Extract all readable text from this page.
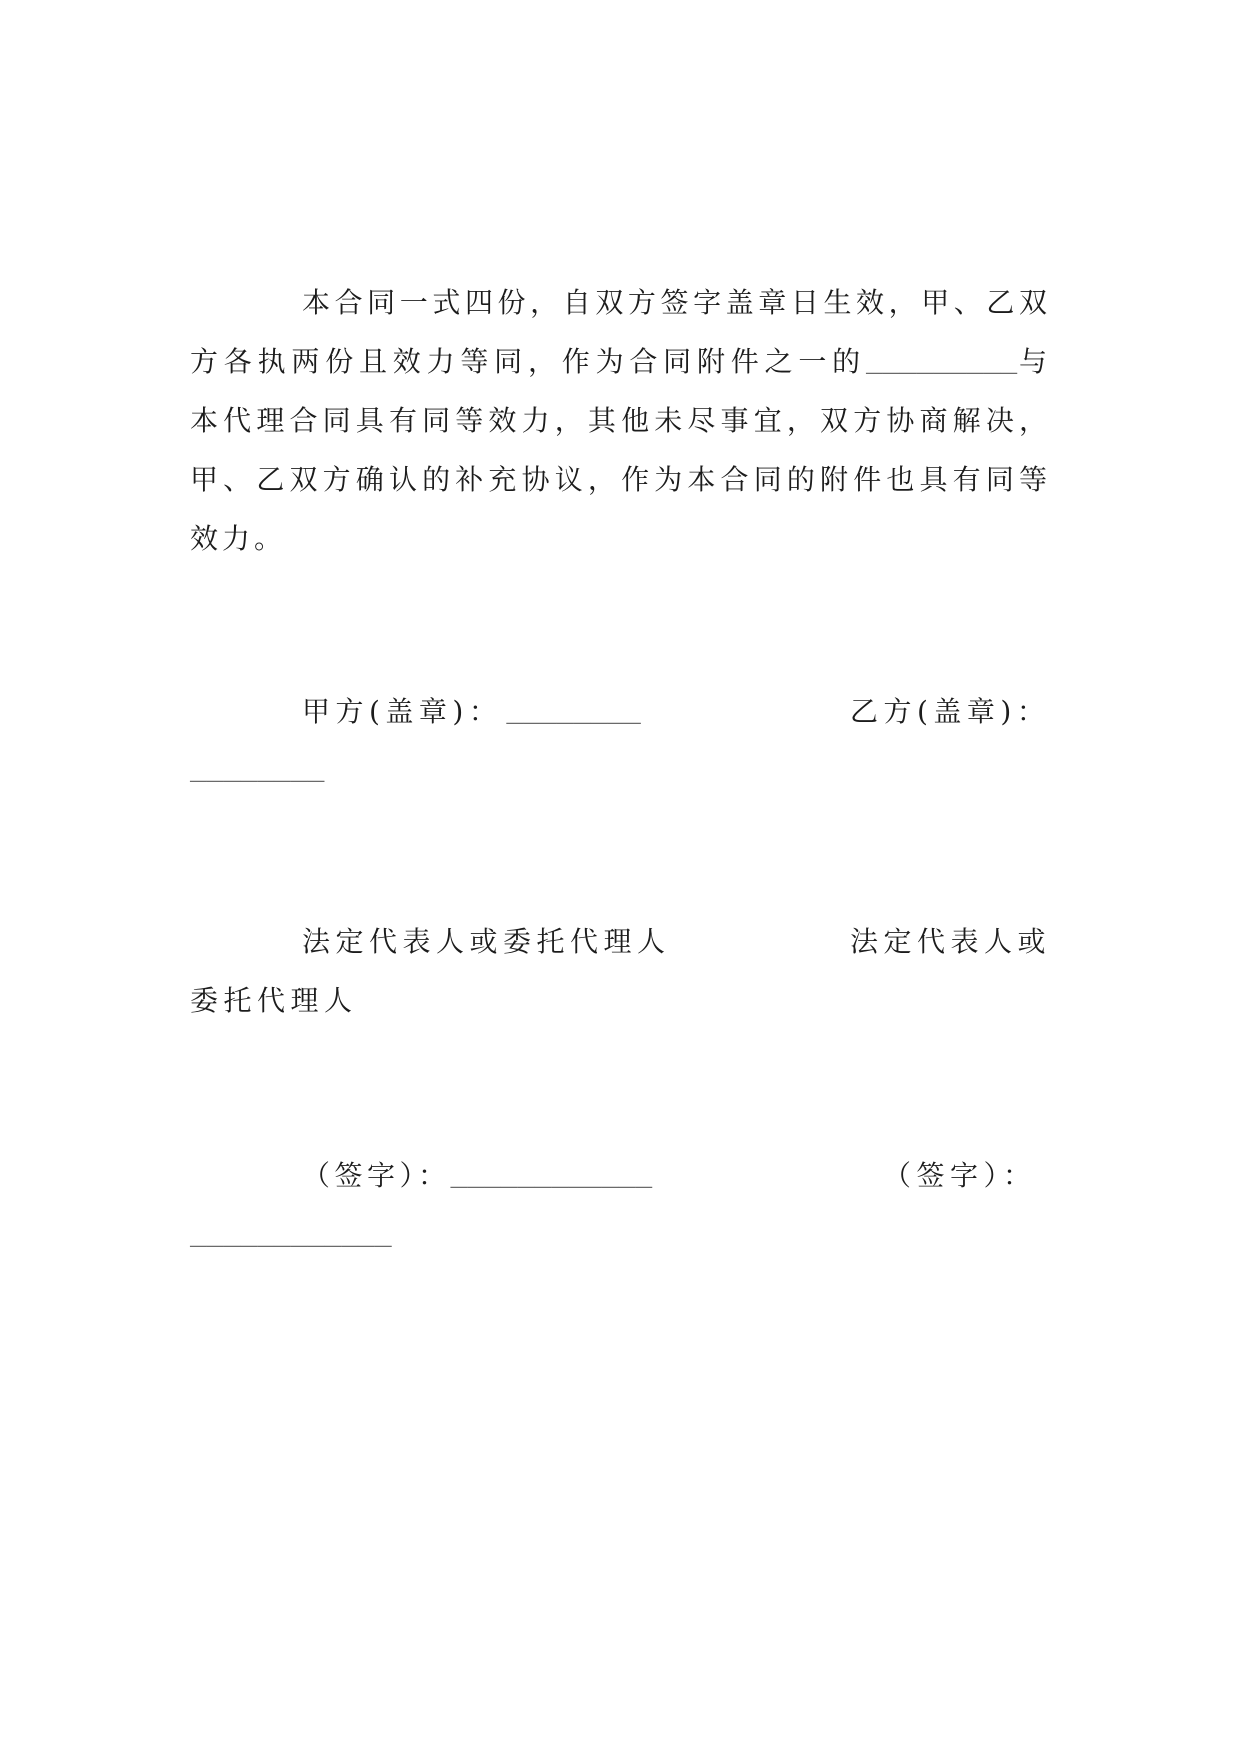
本合同一式四份，自双方签字盖章日生效，甲、乙双
方各执两份且效力等同，作为合同附件之一的_________与
本代理合同具有同等效力，其他未尽事宜，双方协商解决，
甲、乙双方确认的补充协议，作为本合同的附件也具有同等
效力。
甲方(盖章)： ________	乙方(盖章)：
________
法定代表人或委托代理人	法定代表人或
委托代理人
（签字）：____________	（签字）：
____________
